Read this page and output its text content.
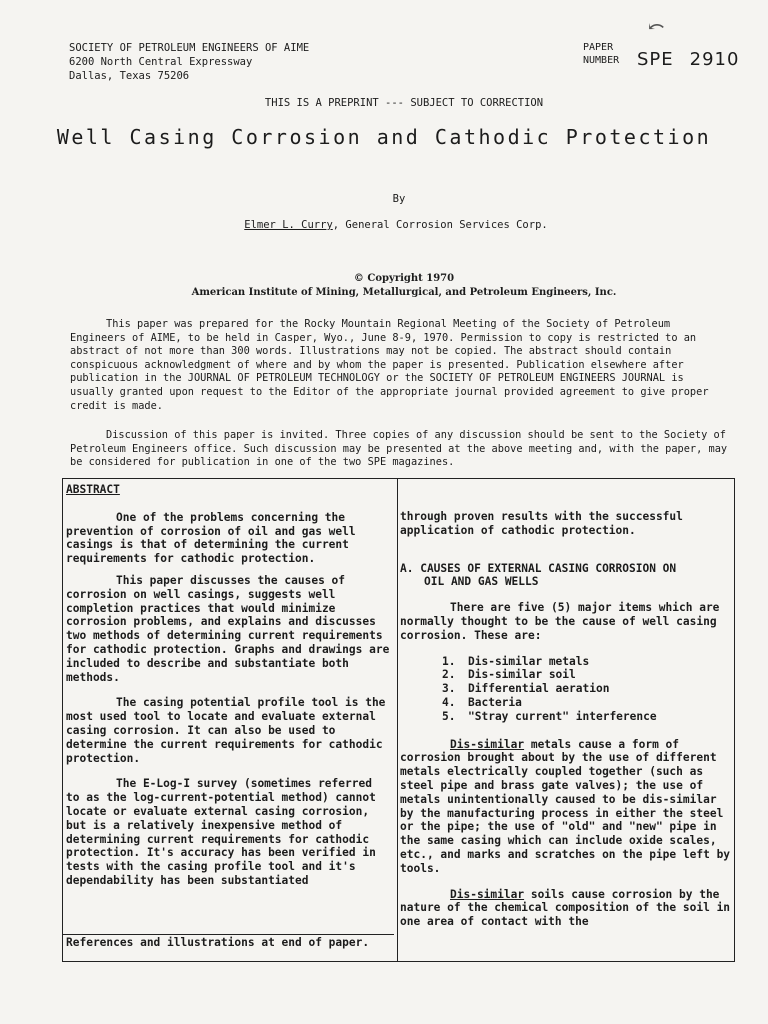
⤺
SOCIETY OF PETROLEUM ENGINEERS OF AIME
6200 North Central Expressway
Dallas, Texas 75206
PAPER
NUMBER SPE 2910
THIS IS A PREPRINT --- SUBJECT TO CORRECTION
Well Casing Corrosion and Cathodic Protection
By
Elmer L. Curry, General Corrosion Services Corp.
© Copyright 1970
American Institute of Mining, Metallurgical, and Petroleum Engineers, Inc.

This paper was prepared for the Rocky Mountain Regional Meeting of the Society of Petroleum Engineers of AIME, to be held in Casper, Wyo., June 8-9, 1970. Permission to copy is restricted to an abstract of not more than 300 words. Illustrations may not be copied. The abstract should contain conspicuous acknowledgment of where and by whom the paper is presented. Publication elsewhere after publication in the JOURNAL OF PETROLEUM TECHNOLOGY or the SOCIETY OF PETROLEUM ENGINEERS JOURNAL is usually granted upon request to the Editor of the appropriate journal provided agreement to give proper credit is made.

Discussion of this paper is invited. Three copies of any discussion should be sent to the Society of Petroleum Engineers office. Such discussion may be presented at the above meeting and, with the paper, may be considered for publication in one of the two SPE magazines.

ABSTRACT

One of the problems concerning the prevention of corrosion of oil and gas well casings is that of determining the current requirements for cathodic protection.

This paper discusses the causes of corrosion on well casings, suggests well completion practices that would minimize corrosion problems, and explains and discusses two methods of determining current requirements for cathodic protection. Graphs and drawings are included to describe and substantiate both methods.

The casing potential profile tool is the most used tool to locate and evaluate external casing corrosion. It can also be used to determine the current requirements for cathodic protection.

The E-Log-I survey (sometimes referred to as the log-current-potential method) cannot locate or evaluate external casing corrosion, but is a relatively inexpensive method of determining current requirements for cathodic protection. It's accuracy has been verified in tests with the casing profile tool and it's dependability has been substantiated

References and illustrations at end of paper.

through proven results with the successful application of cathodic protection.

A. CAUSES OF EXTERNAL CASING CORROSION ON
OIL AND GAS WELLS

There are five (5) major items which are normally thought to be the cause of well casing corrosion. These are:

1. Dis-similar metals
2. Dis-similar soil
3. Differential aeration
4. Bacteria
5. "Stray current" interference

Dis-similar metals cause a form of corrosion brought about by the use of different metals electrically coupled together (such as steel pipe and brass gate valves); the use of metals unintentionally caused to be dis-similar by the manufacturing process in either the steel or the pipe; the use of "old" and "new" pipe in the same casing which can include oxide scales, etc., and marks and scratches on the pipe left by tools.

Dis-similar soils cause corrosion by the nature of the chemical composition of the soil in one area of contact with the
